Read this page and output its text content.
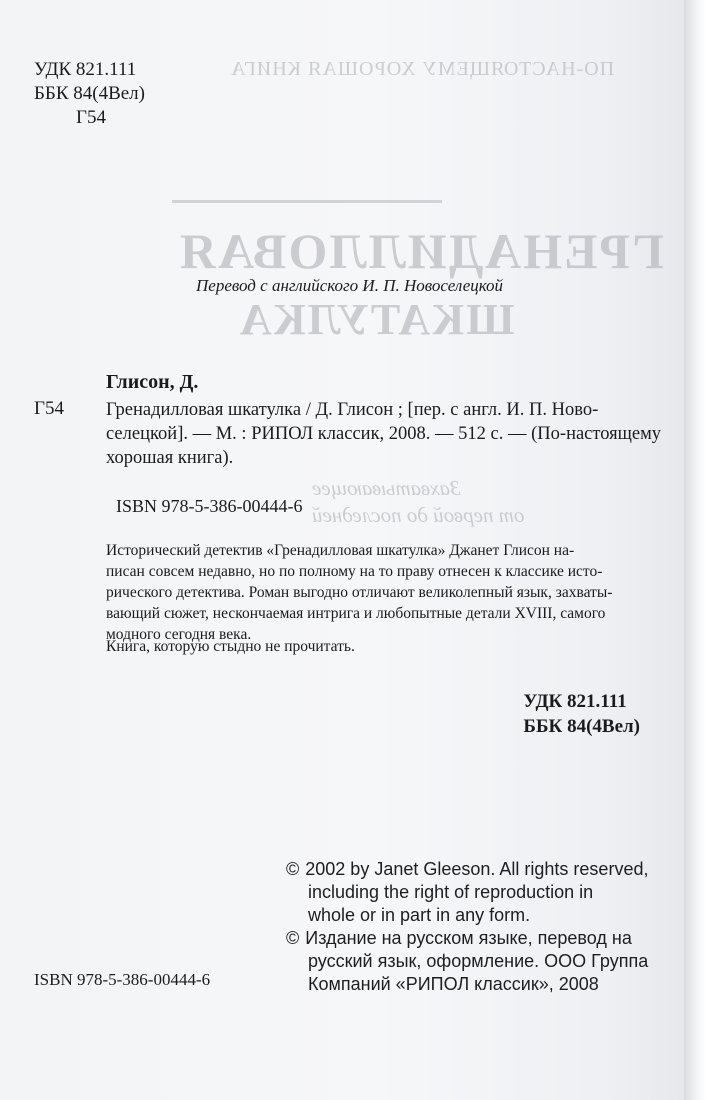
ПО-НАСТОЯЩЕМУ ХОРОШАЯ КНИГА
ГРЕНАДИЛЛОВАЯ
ШКАТУЛКА
Захватывающее
от первой до последней
УДК 821.111
ББК 84(4Вел)
Г54
Перевод с английского И. П. Новоселецкой
Глисон, Д.
Г54 Гренадилловая шкатулка / Д. Глисон ; [пер. с англ. И. П. Ново-
селецкой]. — М. : РИПОЛ классик, 2008. — 512 с. — (По-настоящему
хорошая книга).
ISBN 978-5-386-00444-6
Исторический детектив «Гренадилловая шкатулка» Джанет Глисон на-
писан совсем недавно, но по полному на то праву отнесен к классике исто-
рического детектива. Роман выгодно отличают великолепный язык, захваты-
вающий сюжет, нескончаемая интрига и любопытные детали XVIII, самого
модного сегодня века.
Книга, которую стыдно не прочитать.
УДК 821.111
ББК 84(4Вел)
© 2002 by Janet Gleeson. All rights reserved,
including the right of reproduction in
whole or in part in any form.
© Издание на русском языке, перевод на
русский язык, оформление. ООО Группа
Компаний «РИПОЛ классик», 2008
ISBN 978-5-386-00444-6
